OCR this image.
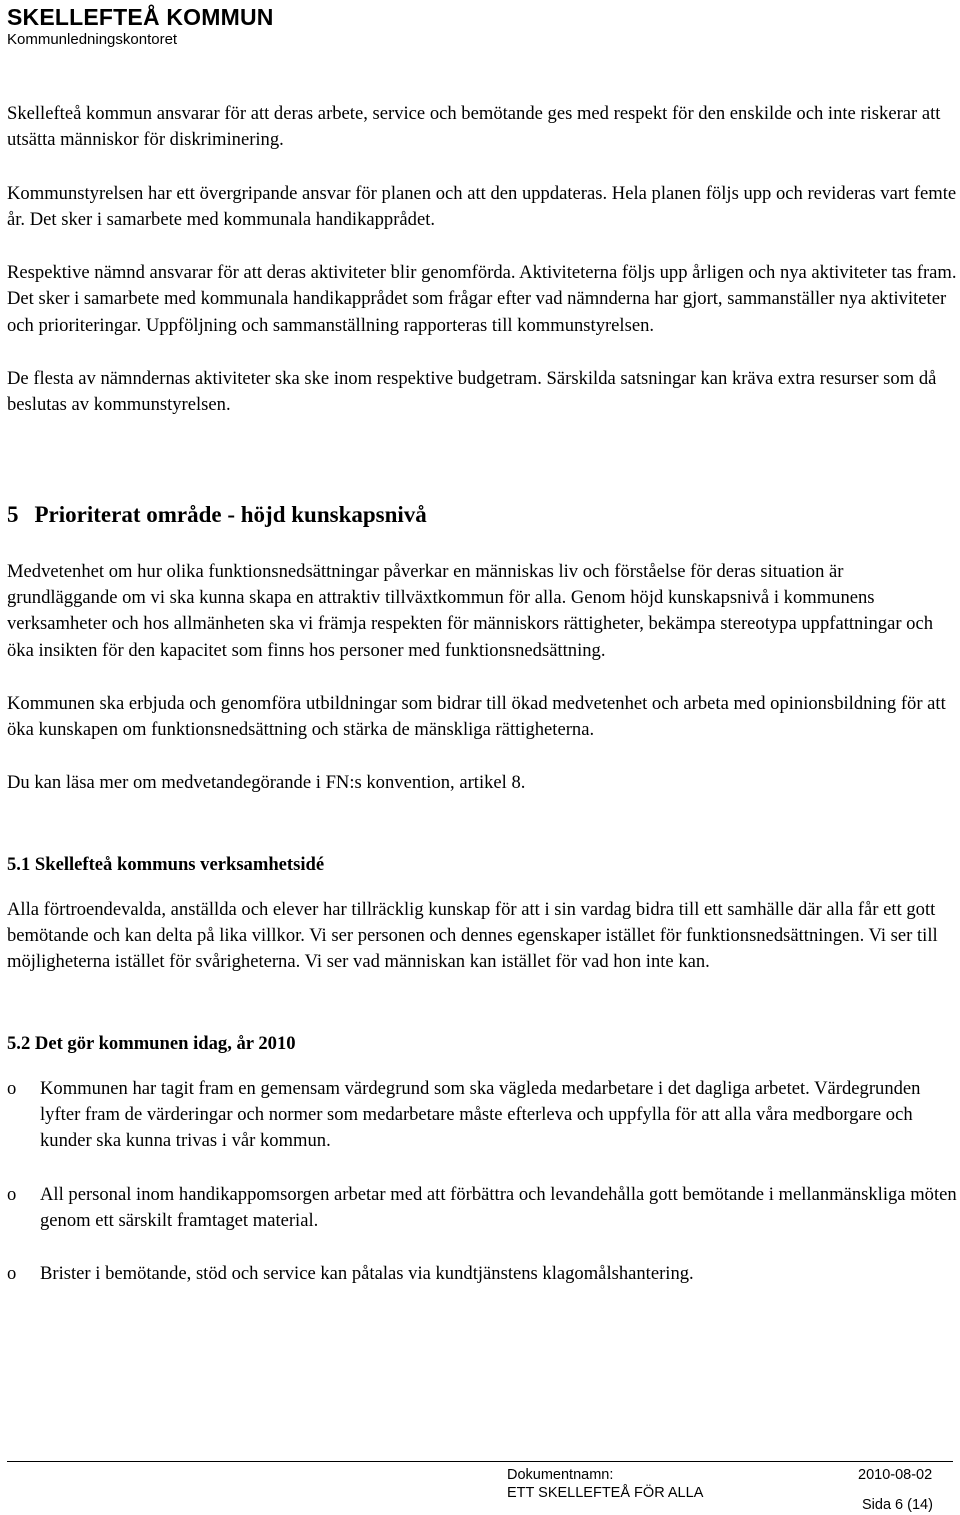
SKELLEFTEÅ KOMMUN
Kommunledningskontoret

Skellefteå kommun ansvarar för att deras arbete, service och bemötande ges med respekt för den enskilde och inte riskerar att utsätta människor för diskriminering.

Kommunstyrelsen har ett övergripande ansvar för planen och att den uppdateras. Hela planen följs upp och revideras vart femte år. Det sker i samarbete med kommunala handikapprådet.

Respektive nämnd ansvarar för att deras aktiviteter blir genomförda. Aktiviteterna följs upp årligen och nya aktiviteter tas fram. Det sker i samarbete med kommunala handikapprådet som frågar efter vad nämnderna har gjort, sammanställer nya aktiviteter och prioriteringar. Uppföljning och sammanställning rapporteras till kommunstyrelsen.

De flesta av nämndernas aktiviteter ska ske inom respektive budgetram. Särskilda satsningar kan kräva extra resurser som då beslutas av kommunstyrelsen.

5 Prioriterat område - höjd kunskapsnivå

Medvetenhet om hur olika funktionsnedsättningar påverkar en människas liv och förståelse för deras situation är grundläggande om vi ska kunna skapa en attraktiv tillväxtkommun för alla. Genom höjd kunskapsnivå i kommunens verksamheter och hos allmänheten ska vi främja respekten för människors rättigheter, bekämpa stereotypa uppfattningar och öka insikten för den kapacitet som finns hos personer med funktionsnedsättning.

Kommunen ska erbjuda och genomföra utbildningar som bidrar till ökad medvetenhet och arbeta med opinionsbildning för att öka kunskapen om funktionsnedsättning och stärka de mänskliga rättigheterna.

Du kan läsa mer om medvetandegörande i FN:s konvention, artikel 8.

5.1 Skellefteå kommuns verksamhetsidé

Alla förtroendevalda, anställda och elever har tillräcklig kunskap för att i sin vardag bidra till ett samhälle där alla får ett gott bemötande och kan delta på lika villkor. Vi ser personen och dennes egenskaper istället för funktionsnedsättningen. Vi ser till möjligheterna istället för svårigheterna. Vi ser vad människan kan istället för vad hon inte kan.

5.2 Det gör kommunen idag, år 2010
o Kommunen har tagit fram en gemensam värdegrund som ska vägleda medarbetare i det dagliga arbetet. Värdegrunden lyfter fram de värderingar och normer som medarbetare måste efterleva och uppfylla för att alla våra medborgare och kunder ska kunna trivas i vår kommun.
o All personal inom handikappomsorgen arbetar med att förbättra och levandehålla gott bemötande i mellanmänskliga möten genom ett särskilt framtaget material.
o Brister i bemötande, stöd och service kan påtalas via kundtjänstens klagomålshantering.
Dokumentnamn:
ETT SKELLEFTEÅ FÖR ALLA
2010-08-02
Sida 6 (14)
